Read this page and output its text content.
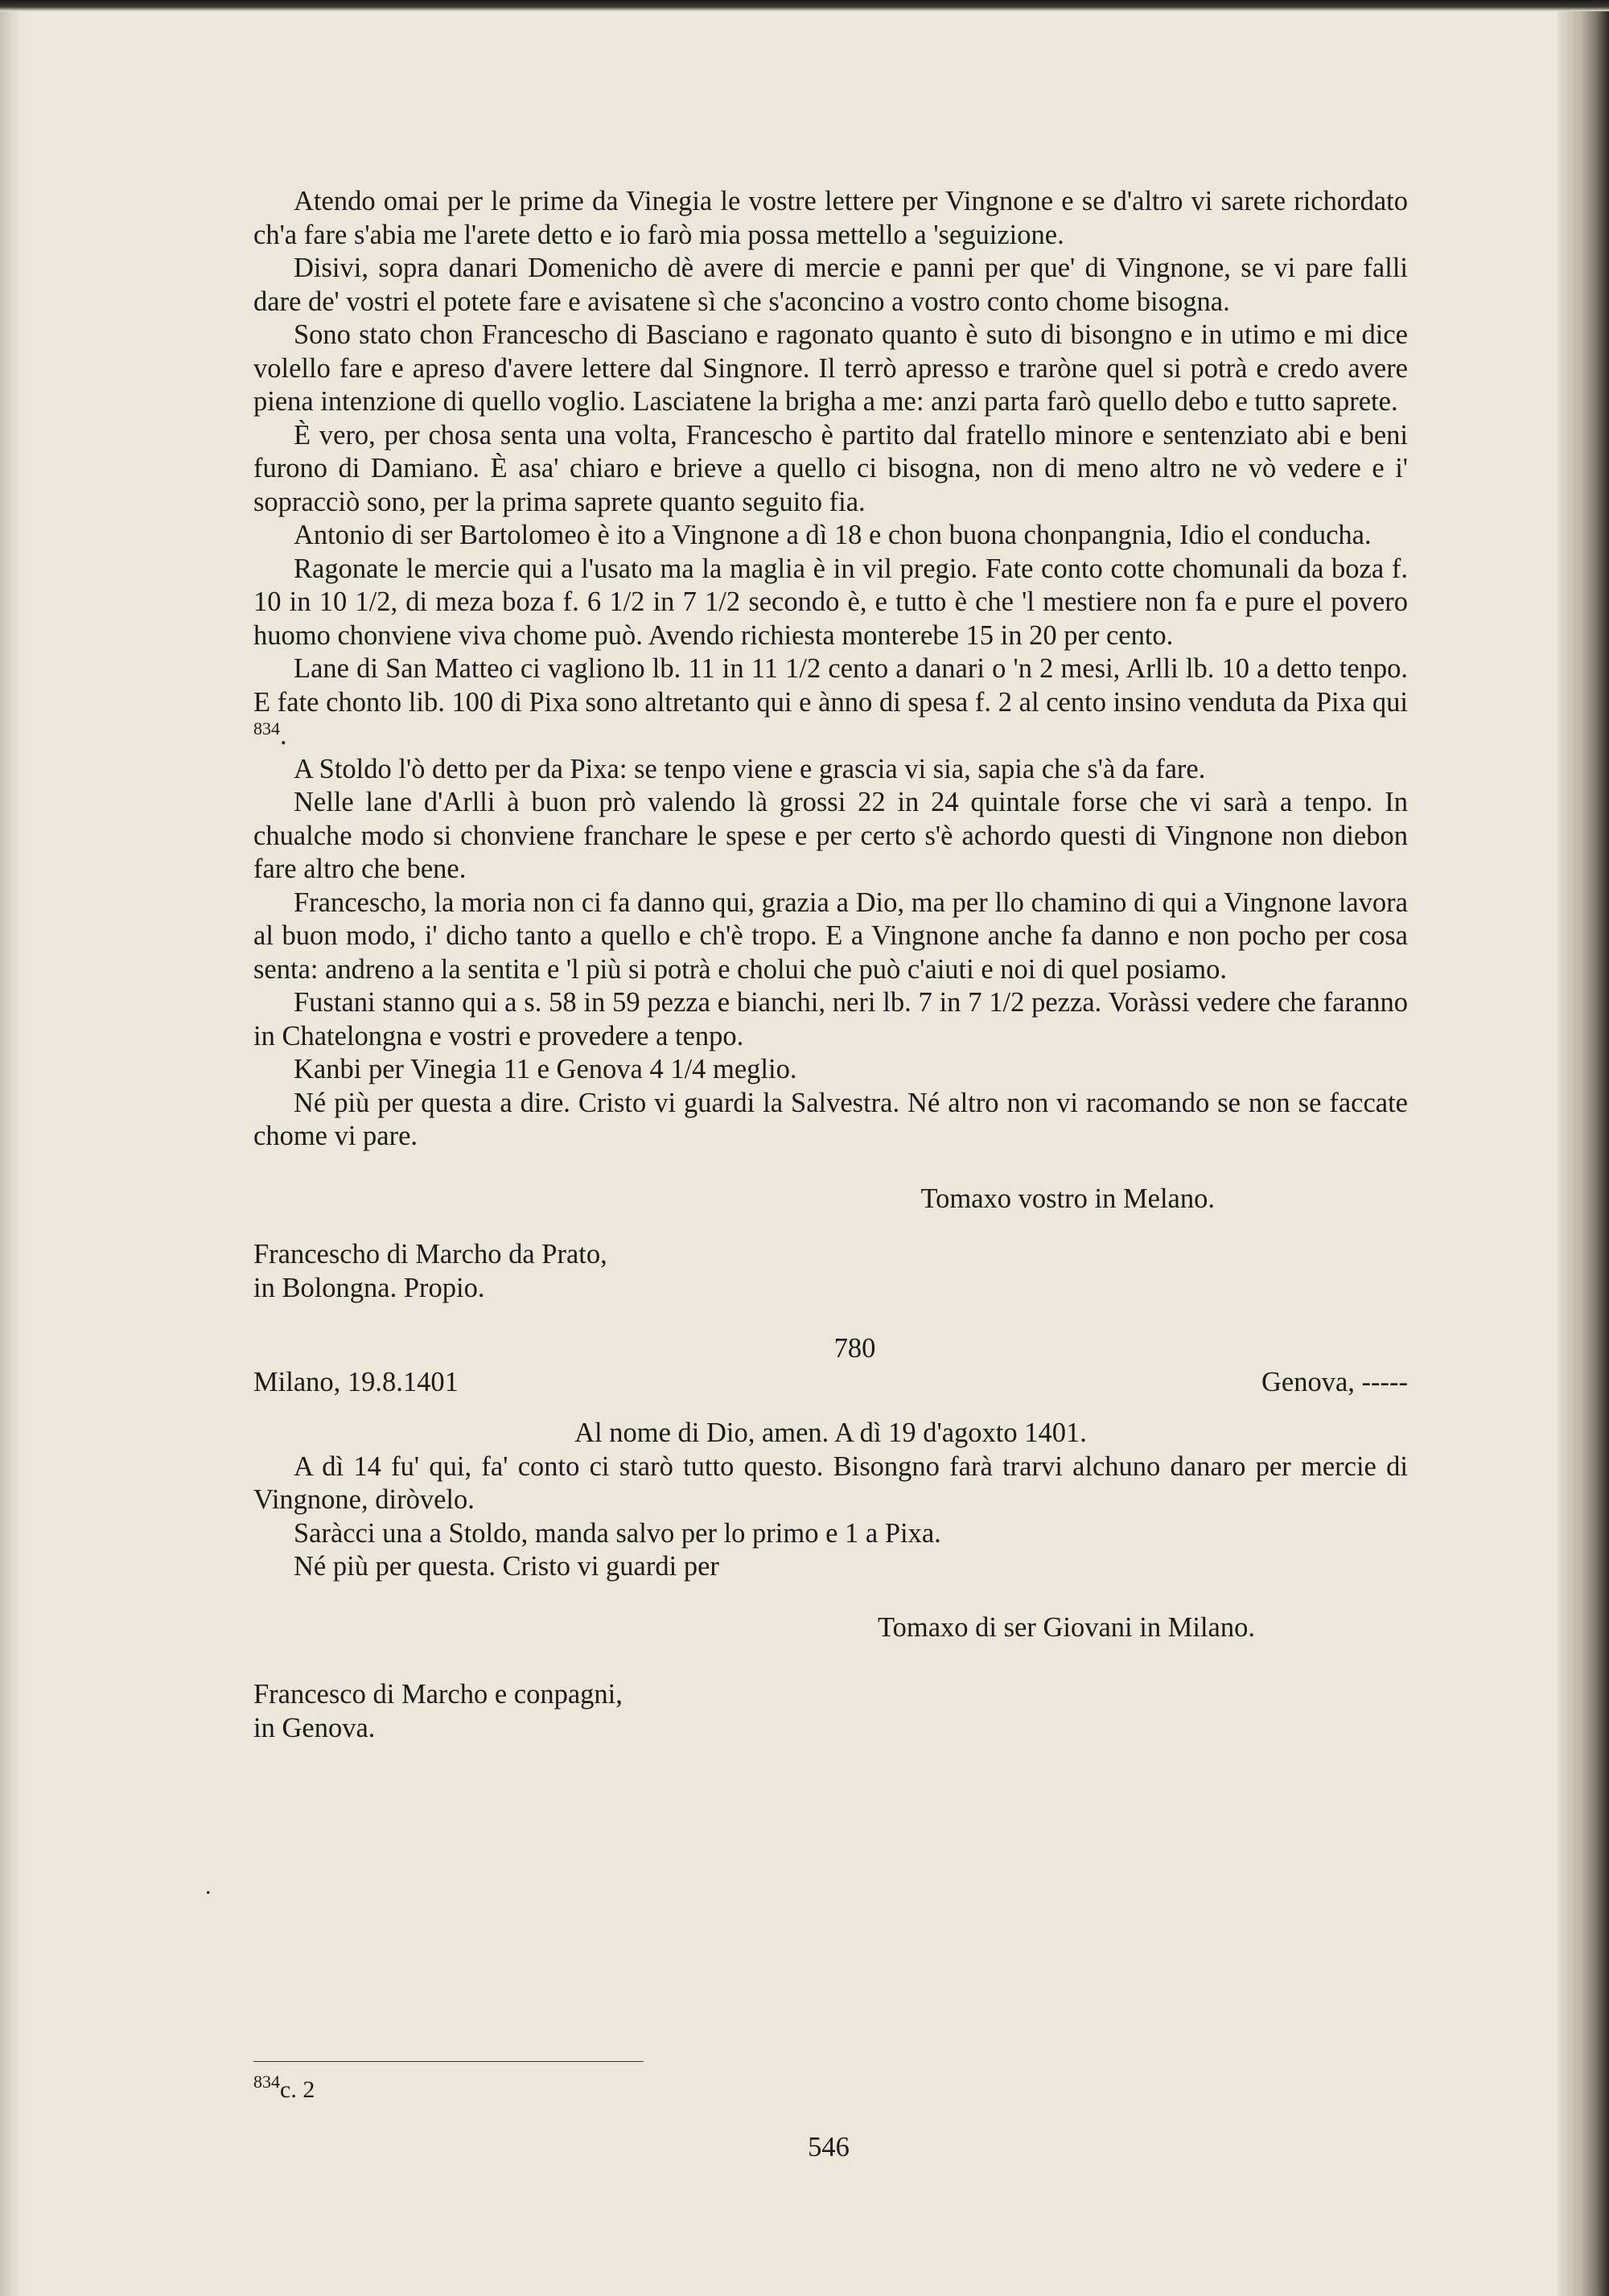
Atendo omai per le prime da Vinegia le vostre lettere per Vingnone e se d'altro vi sarete richordato ch'a fare s'abia me l'arete detto e io farò mia possa mettello a 'seguizione.

Disivi, sopra danari Domenicho dè avere di mercie e panni per que' di Vingnone, se vi pare falli dare de' vostri el potete fare e avisatene sì che s'aconcino a vostro conto chome bisogna.

Sono stato chon Francescho di Basciano e ragonato quanto è suto di bisongno e in utimo e mi dice volello fare e apreso d'avere lettere dal Singnore. Il terrò apresso e traròne quel si potrà e credo avere piena intenzione di quello voglio. Lasciatene la brigha a me: anzi parta farò quello debo e tutto saprete.

È vero, per chosa senta una volta, Francescho è partito dal fratello minore e sentenziato abi e beni furono di Damiano. È asa' chiaro e brieve a quello ci bisogna, non di meno altro ne vò vedere e i' sopracciò sono, per la prima saprete quanto seguito fia.

Antonio di ser Bartolomeo è ito a Vingnone a dì 18 e chon buona chonpangnia, Idio el conducha.

Ragonate le mercie qui a l'usato ma la maglia è in vil pregio. Fate conto cotte chomunali da boza f. 10 in 10 1/2, di meza boza f. 6 1/2 in 7 1/2 secondo è, e tutto è che 'l mestiere non fa e pure el povero huomo chonviene viva chome può. Avendo richiesta monterebe 15 in 20 per cento.

Lane di San Matteo ci vagliono lb. 11 in 11 1/2 cento a danari o 'n 2 mesi, Arlli lb. 10 a detto tenpo. E fate chonto lib. 100 di Pixa sono altretanto qui e ànno di spesa f. 2 al cento insino venduta da Pixa qui $^{834}$.

A Stoldo l'ò detto per da Pixa: se tenpo viene e grascia vi sia, sapia che s'à da fare.

Nelle lane d'Arlli à buon prò valendo là grossi 22 in 24 quintale forse che vi sarà a tenpo. In chualche modo si chonviene franchare le spese e per certo s'è achordo questi di Vingnone non diebon fare altro che bene.

Francescho, la moria non ci fa danno qui, grazia a Dio, ma per llo chamino di qui a Vingnone lavora al buon modo, i' dicho tanto a quello e ch'è tropo. E a Vingnone anche fa danno e non pocho per cosa senta: andreno a la sentita e 'l più si potrà e cholui che può c'aiuti e noi di quel posiamo.

Fustani stanno qui a s. 58 in 59 pezza e bianchi, neri lb. 7 in 7 1/2 pezza. Voràssi vedere che faranno in Chatelongna e vostri e provedere a tenpo.

Kanbi per Vinegia 11 e Genova 4 1/4 meglio.

Né più per questa a dire. Cristo vi guardi la Salvestra. Né altro non vi racomando se non se faccate chome vi pare.

Tomaxo vostro in Melano.

Francescho di Marcho da Prato,
in Bolongna. Propio.

780

Milano, 19.8.1401	Genova, -----

Al nome di Dio, amen. A dì 19 d'agoxto 1401.

A dì 14 fu' qui, fa' conto ci starò tutto questo. Bisongno farà trarvi alchuno danaro per mercie di Vingnone, diròvelo.

Saràcci una a Stoldo, manda salvo per lo primo e 1 a Pixa.

Né più per questa. Cristo vi guardi per

Tomaxo di ser Giovani in Milano.

Francesco di Marcho e conpagni,
in Genova.
.
$^{834}$c. 2
546
